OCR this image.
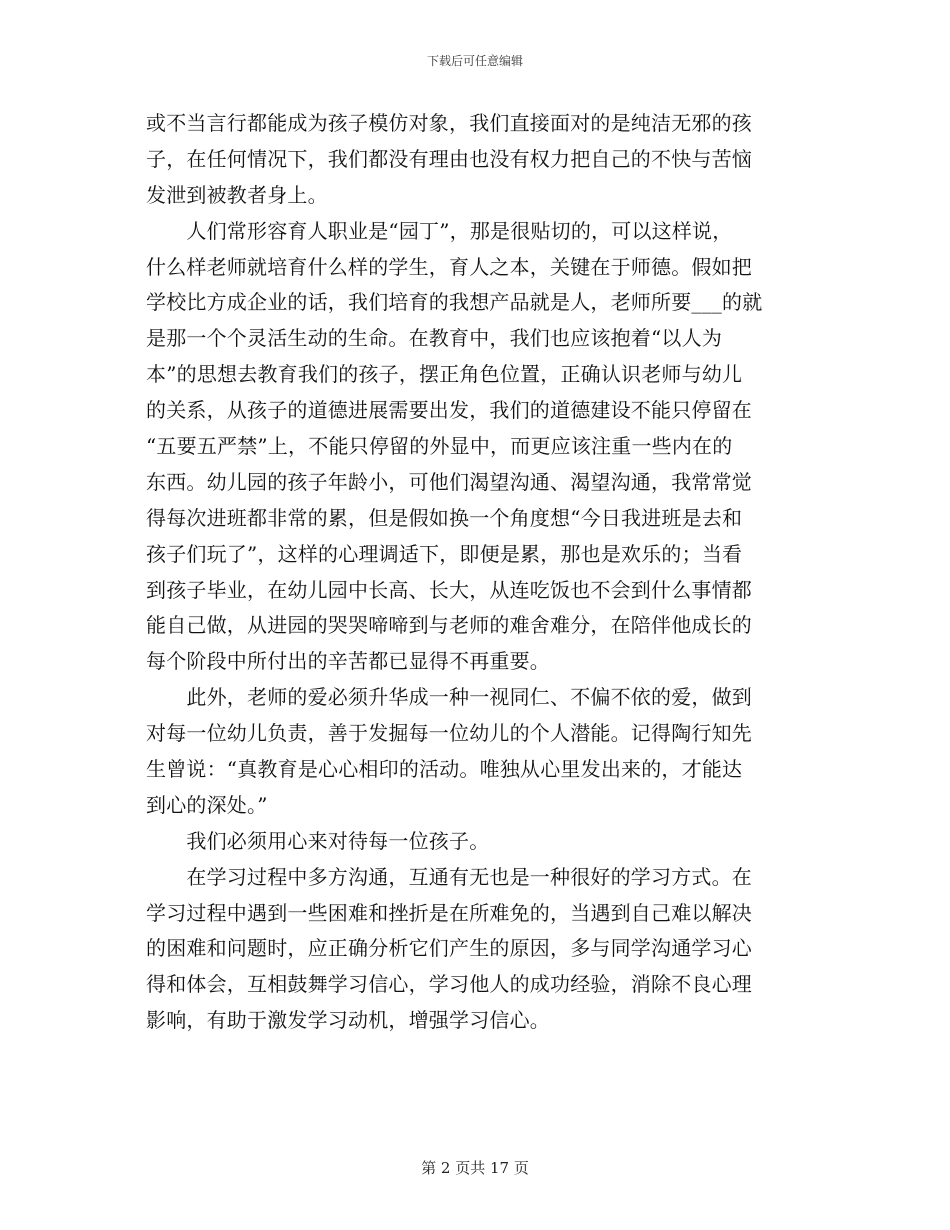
下载后可任意编辑
或不当言行都能成为孩子模仿对象，我们直接面对的是纯洁无邪的孩
子，在任何情况下，我们都没有理由也没有权力把自己的不快与苦恼
发泄到被教者身上。
　　人们常形容育人职业是“园丁”，那是很贴切的，可以这样说，
什么样老师就培育什么样的学生，育人之本，关键在于师德。假如把
学校比方成企业的话，我们培育的我想产品就是人，老师所要___的就
是那一个个灵活生动的生命。在教育中，我们也应该抱着“以人为
本”的思想去教育我们的孩子，摆正角色位置，正确认识老师与幼儿
的关系，从孩子的道德进展需要出发，我们的道德建设不能只停留在
“五要五严禁”上，不能只停留的外显中，而更应该注重一些内在的
东西。幼儿园的孩子年龄小，可他们渴望沟通、渴望沟通，我常常觉
得每次进班都非常的累，但是假如换一个角度想“今日我进班是去和
孩子们玩了”，这样的心理调适下，即便是累，那也是欢乐的；当看
到孩子毕业，在幼儿园中长高、长大，从连吃饭也不会到什么事情都
能自己做，从进园的哭哭啼啼到与老师的难舍难分，在陪伴他成长的
每个阶段中所付出的辛苦都已显得不再重要。
　　此外，老师的爱必须升华成一种一视同仁、不偏不依的爱，做到
对每一位幼儿负责，善于发掘每一位幼儿的个人潜能。记得陶行知先
生曾说：“真教育是心心相印的活动。唯独从心里发出来的，才能达
到心的深处。”
　　我们必须用心来对待每一位孩子。
　　在学习过程中多方沟通，互通有无也是一种很好的学习方式。在
学习过程中遇到一些困难和挫折是在所难免的，当遇到自己难以解决
的困难和问题时，应正确分析它们产生的原因，多与同学沟通学习心
得和体会，互相鼓舞学习信心，学习他人的成功经验，消除不良心理
影响，有助于激发学习动机，增强学习信心。
第 2 页共 17 页
